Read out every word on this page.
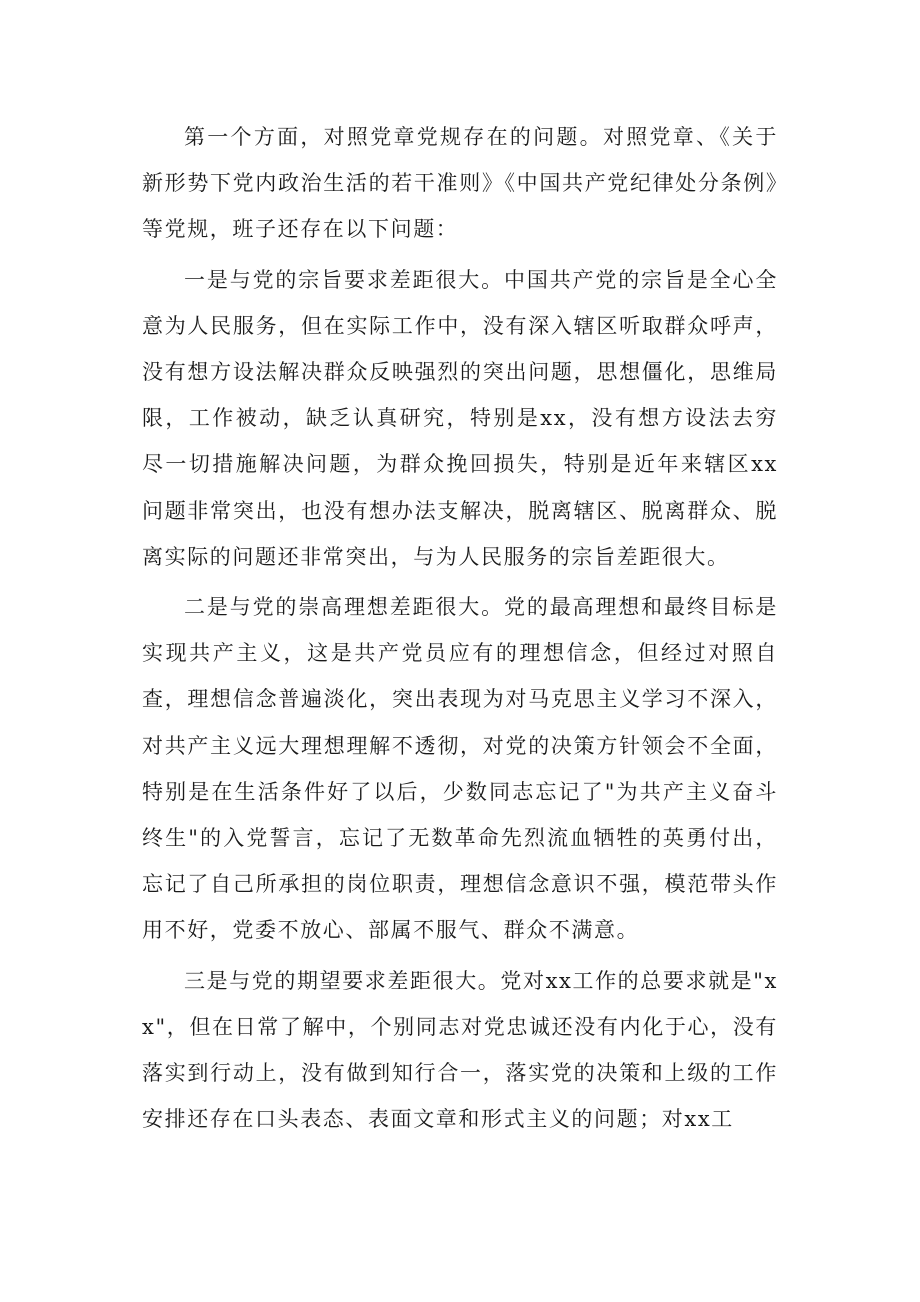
第一个方面，对照党章党规存在的问题。对照党章、《关于新形势下党内政治生活的若干准则》《中国共产党纪律处分条例》等党规，班子还存在以下问题：

一是与党的宗旨要求差距很大。中国共产党的宗旨是全心全意为人民服务，但在实际工作中，没有深入辖区听取群众呼声，没有想方设法解决群众反映强烈的突出问题，思想僵化，思维局限，工作被动，缺乏认真研究，特别是xx，没有想方设法去穷尽一切措施解决问题，为群众挽回损失，特别是近年来辖区xx问题非常突出，也没有想办法支解决，脱离辖区、脱离群众、脱离实际的问题还非常突出，与为人民服务的宗旨差距很大。

二是与党的崇高理想差距很大。党的最高理想和最终目标是实现共产主义，这是共产党员应有的理想信念，但经过对照自查，理想信念普遍淡化，突出表现为对马克思主义学习不深入，对共产主义远大理想理解不透彻，对党的决策方针领会不全面，特别是在生活条件好了以后，少数同志忘记了"为共产主义奋斗终生"的入党誓言，忘记了无数革命先烈流血牺牲的英勇付出，忘记了自己所承担的岗位职责，理想信念意识不强，模范带头作用不好，党委不放心、部属不服气、群众不满意。

三是与党的期望要求差距很大。党对xx工作的总要求就是"xx"，但在日常了解中，个别同志对党忠诚还没有内化于心，没有落实到行动上，没有做到知行合一，落实党的决策和上级的工作安排还存在口头表态、表面文章和形式主义的问题；对xx工
